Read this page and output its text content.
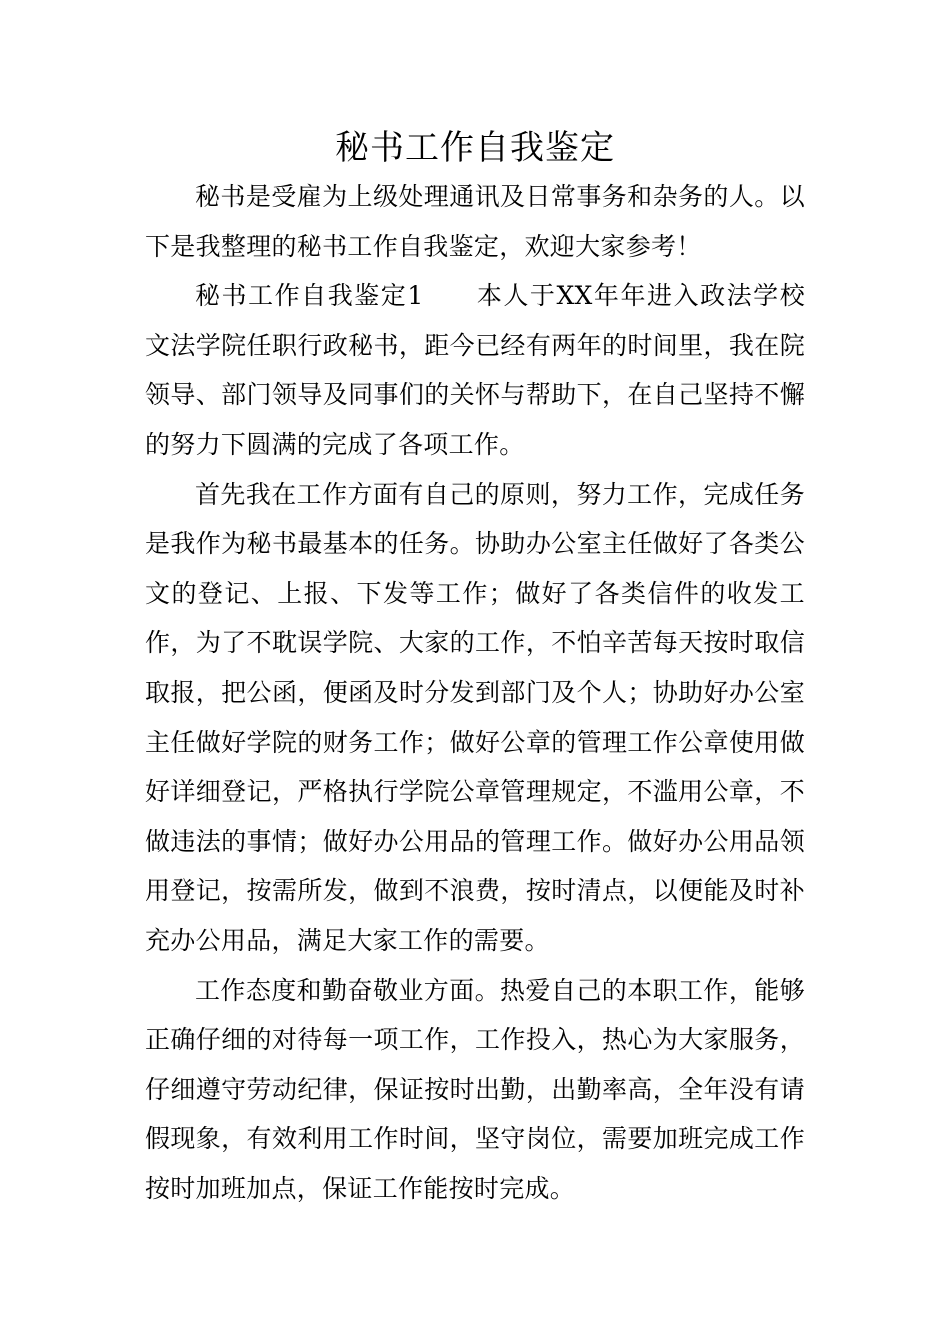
秘书工作自我鉴定

秘书是受雇为上级处理通讯及日常事务和杂务的人。以下是我整理的秘书工作自我鉴定，欢迎大家参考！

秘书工作自我鉴定1 本人于XX年年进入政法学校文法学院任职行政秘书，距今已经有两年的时间里，我在院领导、部门领导及同事们的关怀与帮助下，在自己坚持不懈的努力下圆满的完成了各项工作。

首先我在工作方面有自己的原则，努力工作，完成任务是我作为秘书最基本的任务。协助办公室主任做好了各类公文的登记、上报、下发等工作；做好了各类信件的收发工作，为了不耽误学院、大家的工作，不怕辛苦每天按时取信取报，把公函，便函及时分发到部门及个人；协助好办公室主任做好学院的财务工作；做好公章的管理工作公章使用做好详细登记，严格执行学院公章管理规定，不滥用公章，不做违法的事情；做好办公用品的管理工作。做好办公用品领用登记，按需所发，做到不浪费，按时清点，以便能及时补充办公用品，满足大家工作的需要。

工作态度和勤奋敬业方面。热爱自己的本职工作，能够正确仔细的对待每一项工作，工作投入，热心为大家服务，仔细遵守劳动纪律，保证按时出勤，出勤率高，全年没有请假现象，有效利用工作时间，坚守岗位，需要加班完成工作按时加班加点，保证工作能按时完成。
